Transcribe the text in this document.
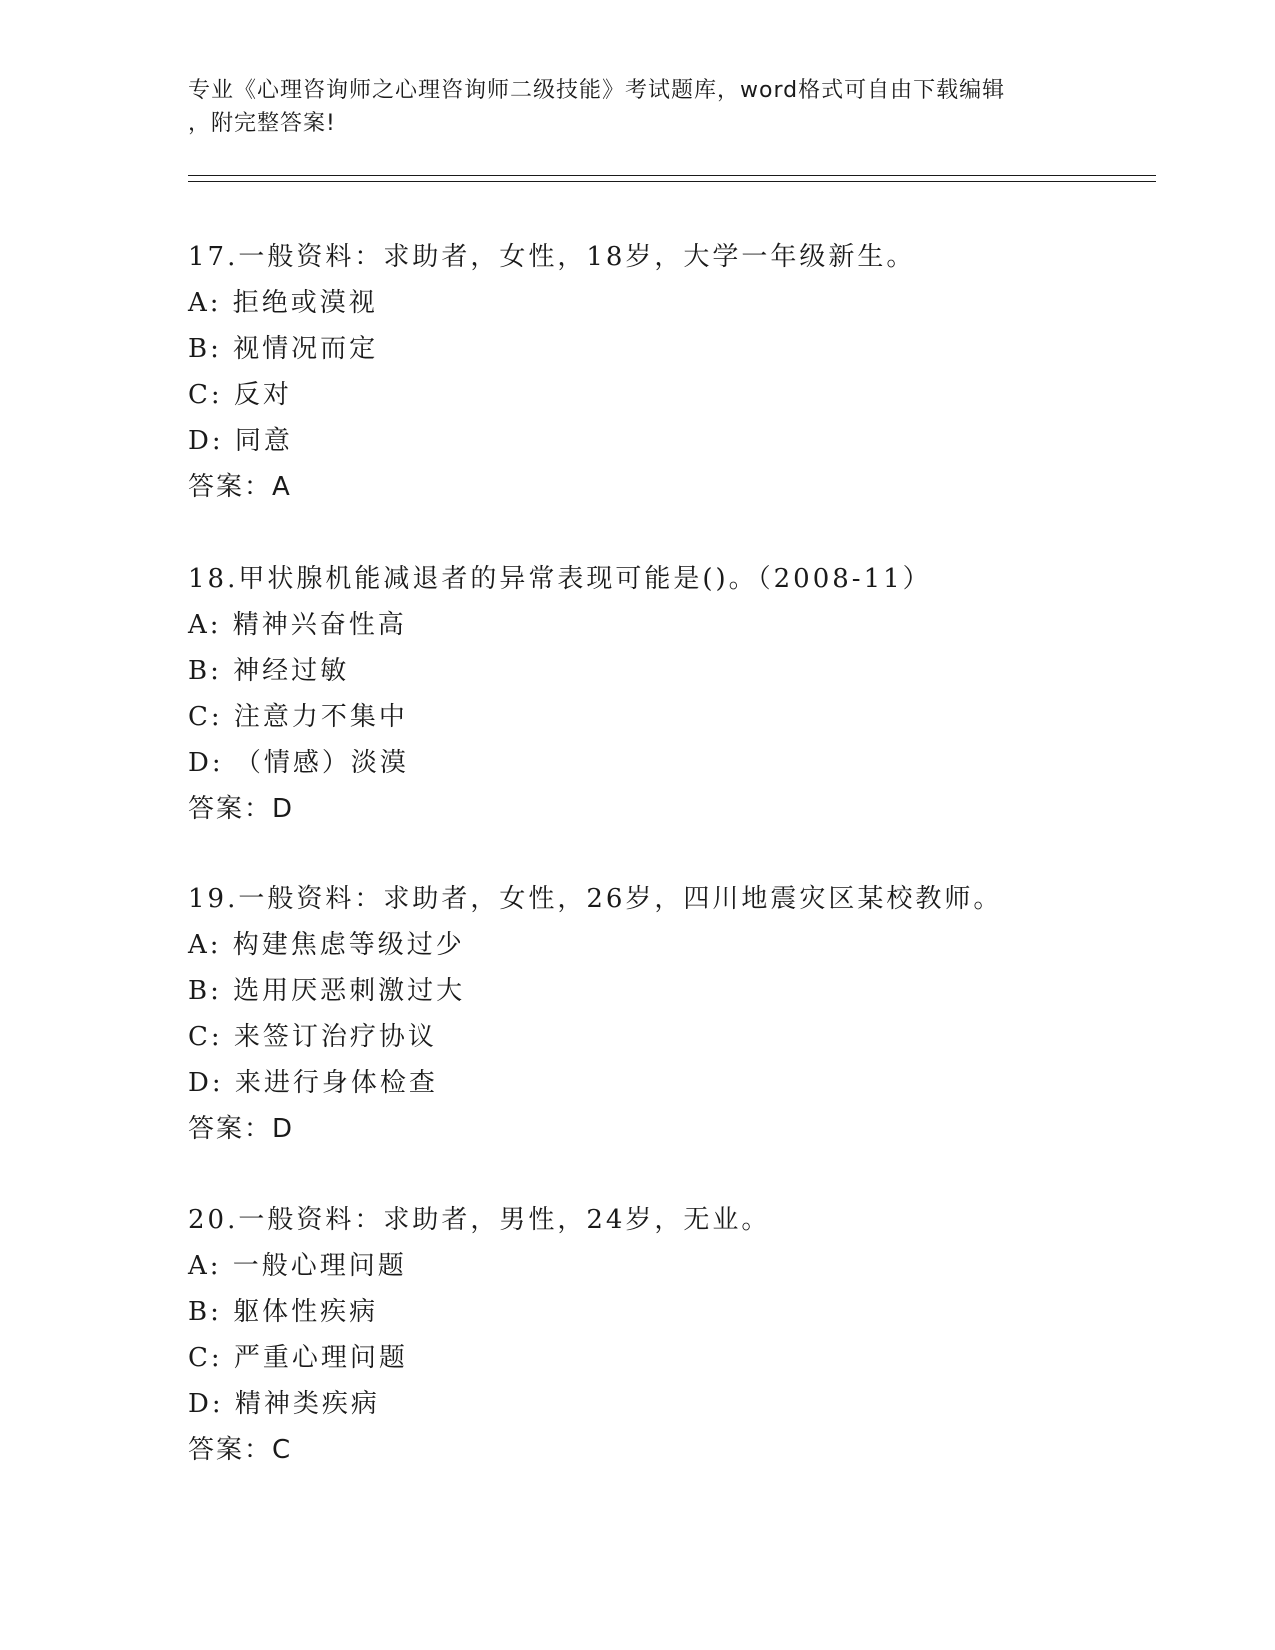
专业《心理咨询师之心理咨询师二级技能》考试题库，word格式可自由下载编辑
，附完整答案!
17.一般资料：求助者，女性，18岁，大学一年级新生。
A: 拒绝或漠视
B: 视情况而定
C: 反对
D: 同意
答案：A
18.甲状腺机能减退者的异常表现可能是()。（2008-11）
A: 精神兴奋性高
B: 神经过敏
C: 注意力不集中
D: （情感）淡漠
答案：D
19.一般资料：求助者，女性，26岁，四川地震灾区某校教师。
A: 构建焦虑等级过少
B: 选用厌恶刺激过大
C: 来签订治疗协议
D: 来进行身体检查
答案：D
20.一般资料：求助者，男性，24岁，无业。
A: 一般心理问题
B: 躯体性疾病
C: 严重心理问题
D: 精神类疾病
答案：C
